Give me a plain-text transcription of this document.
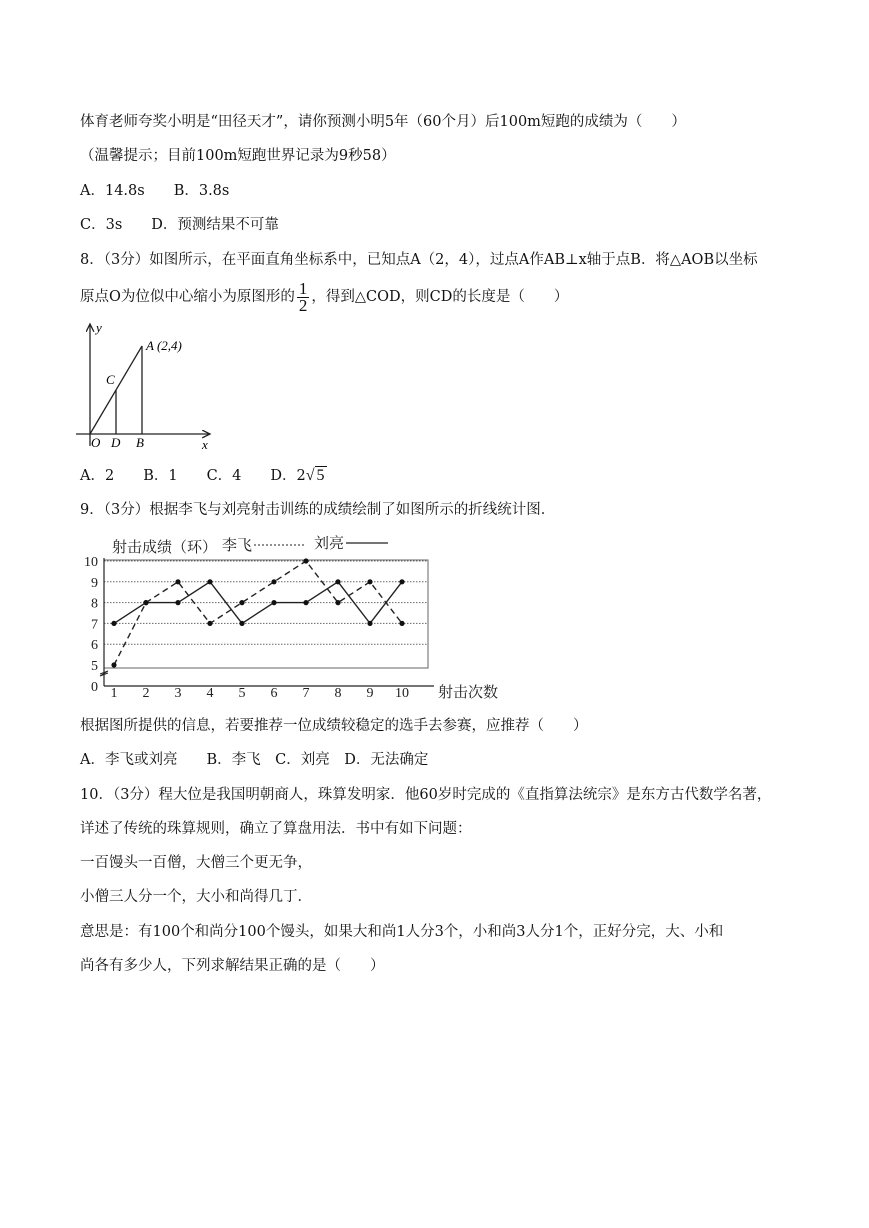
体育老师夸奖小明是“田径天才”，请你预测小明5年（60个月）后100m短跑的成绩为（　　）
（温馨提示；目前100m短跑世界记录为9秒58）
A．14.8s　　B．3.8s
C．3s　　D．预测结果不可靠
8．（3分）如图所示，在平面直角坐标系中，已知点A（2，4），过点A作AB⊥x轴于点B．将△AOB以坐标
原点O为位似中心缩小为原图形的 $\frac{1}{2}$ ，得到△COD，则CD的长度是（　　）
y
x
A (2,4)
C
O D B
A．2　　B．1　　C．4　　D．2√ 5
9．（3分）根据李飞与刘亮射击训练的成绩绘制了如图所示的折线统计图．
0
5
6
7
8
9
10
1 2 3 4 5 6 7 8 9 10
射击成绩（环）
射击次数
李飞	刘亮
根据图所提供的信息，若要推荐一位成绩较稳定的选手去参赛，应推荐（　　）
A．李飞或刘亮　　B．李飞　C．刘亮　D．无法确定
10．（3分）程大位是我国明朝商人，珠算发明家．他60岁时完成的《直指算法统宗》是东方古代数学名著，
详述了传统的珠算规则，确立了算盘用法．书中有如下问题：
一百馒头一百僧，大僧三个更无争，
小僧三人分一个，大小和尚得几丁．
意思是：有100个和尚分100个馒头，如果大和尚1人分3个，小和尚3人分1个，正好分完，大、小和
尚各有多少人，下列求解结果正确的是（　　）
